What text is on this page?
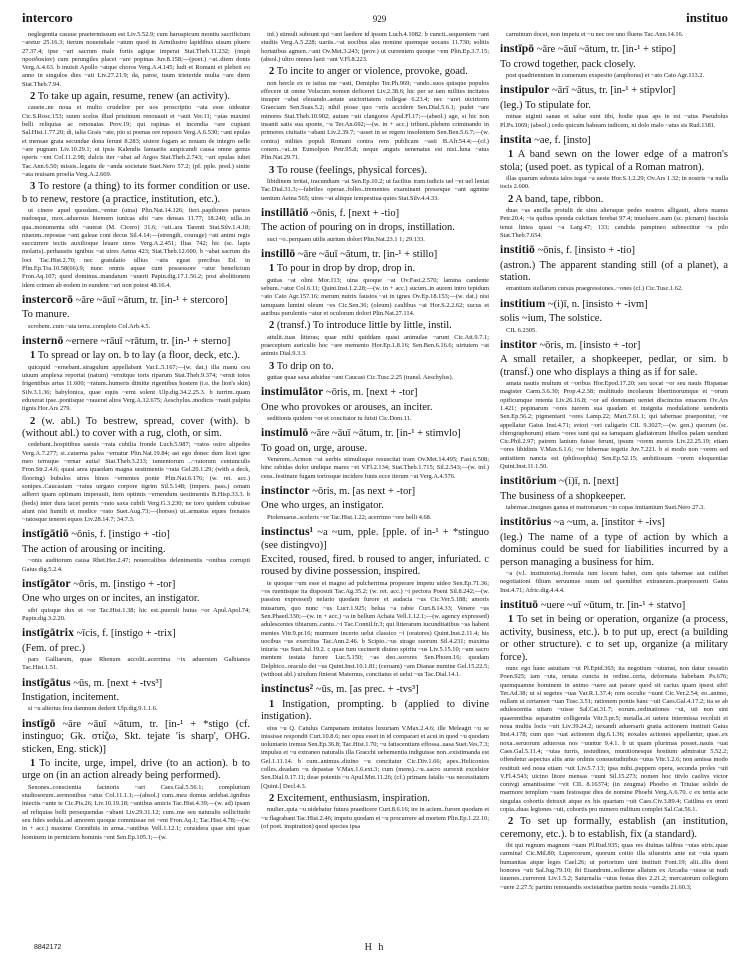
intercoro	929	instituo
neglegentia casuue praetermissum est Liv.5.52.9; cum haruspicum monitu sacrificium ~aretur 25.16.3; iterum nouendiale ~atum quod in Armilustro lapidibus uisum pluere 27.37.4; ipse ~ari sacrum male fortis agique imperat Stat.Theb.11.232; (παρὰ προσδοκίαν) cum perungiles placet ~are popinas Juv.8.158;—(poet.) ~at..diem donis Verg.A.4.63. b inuisit Apollo ~atque choros Verg.A.4.145; ludi et Romani et plebeii eo anno in singulos dies ~ati Liv.27.21.9; da, paroe, tuum trieteride multa ~are diem Stat.Theb.7.94.
2 To take up again, resume, renew (an activity).
cauete..ne noua et multo crudelior per uos proscriptio ~ata esse uideatur Cic.S.Rosc.153; suum scelus illud pristinum renouauit et ~auit Ver.11; ~atas maximi belli reliquias ac renouatas Prov.19; qui rapinas et incendia ~are cupiant Sal.Hist.1.77.20; di, talia Grais ~ate, pio si poenas ore reposco Verg.A.6.530; ~ant epulas et mensae grata secundae dona ferunt 8.283; sistere fugam ac nouam de integro uelle ~are pugnam Liv.10.29.1; ut ipsis Kalendis Ianuariis auspicandi causa omne genus operis ~ent Col.11.2.98; dulcis iter ~abat ad Argos Stat.Theb.2.743; ~ari epulas iubet Tac.Ann.6.50; missis..legatis de ~anda societate Suet.Nero 57.2; (pf. pple. pred.) sinite ~ata reuisam proelia Verg.A.2.669.
3 To restore (a thing) to its former condition or use. b to renew, restore (a practice, institution, etc.).
ut cinere apud quosdam..~entur (uina) Plin.Nat.14.126; fieri..papiliones paruos nudosque, mox..aduersus hiemem tunicas sibi ~are densas 11.77; 18.240; uilla..in qua..monumenta sibi ~auerat (M. Cicero) 31.6; ~ati..ara Tarenti Stat.Silv.1.4.18; niueum..repostae ~ant galeae coni decus Sil.4.14;—(strength, courage) ~ati animi regis succurrere tectis auxilioque leuare uiros Verg.A.2.451; Ilias 742; hic (sc. lapis molaris)..perhaustis ignibus ~at uires Aetna 423; Stat.Theb.12.600. b ~abat sacrum dis loci Tac.Hist.2.70; nec gratulatio ullius ~atis egeat precibus Ed. in Plin.Ep.Tra.10.58(66).9; nunc omnis aquae cum possessore ~atur beneficium Fron.Aq.107; quod dominus..mandatum ~auerit Papin.dig.17.1.56.2; post abolitionem idem crimen ab eodem in eundem ~ari non potest 48.16.4.
instercorō ~āre ~āuī ~ātum, tr. [in-¹ + stercoro]
To manure.
scrobem..cum ~ata terra..completo Col.Arb.4.5.
insternō ~ernere ~rāuī ~rātum, tr. [in-¹ + sterno]
1 To spread or lay on. b to lay (a floor, deck, etc.).
quicquid ~ernebant..stragulum appellabant Var.L.5.167;—(w. dat.) illa manu ceu uiuum amplexa reportat (natum) ~ernitque toris riparum Stat.Theb.9.374; ~ernit totos frigentibus artus 11.600; ~ratum..humeris dimitte rigentibus hostem (i.e. the lion's skin) Silv.3.1.36; babylonica, quae equis ~erni solent Ulp.dig.34.2.25.3. b turrim..quam eduxerat ipse..pontisque ~rauerat altos Verg.A.12.675; Aeschylus..modicis ~rauit pulpita tignis Hor.Ars 279.
2 (w. abl.) To bestrew, spread, cover (with). b (without abl.) to cover with a rug, cloth, or sim.
cedebant..hospitibus saeuis ~rata cubilia fronde Luch.5.987; ~ratos ostro alipedes Verg.A.7.277; si..cauerna palea ~ernatur Plin.Nat.19.84; ast ego donec dum licet igne meo terraque ~ernar auita! Stat.Theb.3.213; iumentorum ..~ratorum centunculis Fron.Str.2.4.6; quasi area quaedam magna uestimentis ~rata Gel.20.1.29; (with a deck, flooring) bubulos utres binos ~ernentes ponte Plin.Nat.6.176; (w. ret. acc.) sonipes..Caucasiam ~ratus uirgato corpore tigrim Sil.5.148; (impers. pass.) cenam adferri quam optimam imperauit, item optimis ~ernendum uestimentis B.Hisp.33.3. b (beds) inter dura iacet pernix ~rato saxa cubili Verg.G.3.230; ne toro quidem cubuisse aiunt nisi humili et modice ~rato Suet.Aug.73;—(horses) ut..armatus eques frenatos ~ratosque teneret equos Liv.28.14.7; 34.7.3.
instīgātiō ~ōnis, f. [instigo + -tio]
The action of arousing or inciting.
~onis auditorum causa Rhet.Her.2.47; nouercalibus delenimentis ~onibus corrupti Gaius dig.5.2.4.
instīgātor ~ōris, m. [instigo + -tor]
One who urges on or incites, an instigator.
sibi quisque dux et ~or Tac.Hist.1.38; hic est..pueruli huius ~or Apul.Apol.74; Papin.dig.3.2.20.
instīgātrix ~īcis, f. [instigo + -trix]
(Fem. of prec.)
pars Galliarum, quae Rhenum accolit..acerrima ~ix aduersum Galbianos Tac.Hist.1.51.
instīgātus ~ūs, m. [next + -tvs³]
Instigation, incitement.
si ~u alterius fera damnum dederit Ulp.dig.9.1.1.6.
instīgō ~āre ~āuī ~ātum, tr. [in-¹ + *stigo (cf. instinguo; Gk. στίζω, Skt. tejate 'is sharp', OHG. sticken, Eng. stick)]
1 To incite, urge, impel, drive (to an action). b to urge on (in an action already being performed).
Senones..conscientia facinoris ~ari Caes.Gal.5.56.1; complurium studiosorum..sermonibus ~atus Col.11.1.1;—(absol.) cum..mea domus ardebat..ignibus iniectis ~ante te Cic.Pis.26; Liv.10.19.18; ~antibus amicis Tac.Hist.4.39;—(w. ad) ipsam ad reliquias belli persequendas ~abant Liv.29.31.12; cum..me seu naturalis sollicitudo seu fides sedula..ad amorem quoque commissae rei ~ent Fron.Aq.1; Tac.Hist.4.78;—(w. in + acc.) maxime Corinthiis in arma..~antibus Vell.1.12.1; considera quae sint quae hominem in perniciem hominis ~ent Sen.Ep.105.1;—(w.
inf.) stimuli subsunt qui ~ant laedere id ipsum Luch.4.1082. b cuncti..sequentem ~ant studiis Verg.A.5.228; uariis..~at uocibus alas nomine quemque uocans 11.730; solitis hortatibus agmen..~ant Ov.Met.3.243; (prov.) ut currentem quoque ~em Plin.Ep.3.7.15; (absol.) ultro omnes laeti ~ant V.Fl.8.223.
2 To incite to anger or violence, provoke, goad.
non hercle ex re istius me ~asti, Demipho Ter.Ph.969; ~ando..suos quisque populos effecere ut omne Volscum nomen deficeret Liv.2.38.6; hic per se iam milites incitatos insuper ~abat eleuando..aetate auctoritatem collegae 6.23.4; nec ~aret uictricem Graeciam Sen.Suas.5.2; nihil posse quo ~eris accidere Sen.Dial.5.6.1; pudet ~are minores Stat.Theb.10.902; auium ~ati clangores Apul.Fl.17;—(absol.) age, si hic non insanit satis sua sponte, ~a Ter.An.692;—(w. in + acc.) tribuni..plebem criminando in primores ciuitatis ~abant Liv.2.39.7; ~asset in se regem insolentem Sen.Ben.5.6.7;—(w. contra) milites populi Romani contra rem publicam ~asti B.Afr.54.4;—(cf.) conem..~at..in Eumolpon Petr.95.8; neque anguis uenenatus est nisi..luna ~atus Plin.Nat.29.71.
3 To rouse (feelings, physical forces).
libidinem irritat, iracundiam ~at Sen.Ep.10.2; ut facilius iram iudicis uel ~et uel leniat Tac.Dial.31.3;—fabriles operae..folles..trementes examinant pressoque ~ant agmine uentum Aetna 565; uires ~at alitque tempestiua quies Stat.Silv.4.4.33.
instillātiō ~ōnis, f. [next + -tio]
The action of pouring on in drops, instillation.
suci ~o..perquam utilis aurium dolori Plin.Nat.23.1 1; 29.133.
instillō ~āre ~āuī ~ātum, tr. [in-¹ + stillo]
1 To pour in drop by drop, drop in.
guttas ~at olini Mor.113; uina quoque ~at Ov.Fast.2.570; lamina candente sebum..~atur Col.6.11; Quint.Inst.1.2.28;—(w. in + acc.) sucum..in aurem intro tepidum ~ato Cato Agr.157.16; merum nutrix faustos ~at in ignes Ov.Ep.18.153;—(w. dat.) nisi tamquam lumini oleum ~es Cic.Sen.36; (oleum) caulibus ~at Hor.S.2.2.62; sucus et auribus purulentis ~atur et oculorum dolori Plin.Nat.27.114.
2 (transf.) To introduce little by little, instil.
attulit..tuas litteras; quae mihi quiddam quasi animulae ~arunt Cic.Att.9.7.1; praeceptum auriculis hoc ~are memento Hor.Ep.1.8.16; Sen.Ben.6.16.6; uirtutem ~at animis Dial.9.3.3.
3 To drip on to.
guttae quae saxa adsidue ~ant Caucasi Cic.Tusc.2.25 (transl. Aeschylus).
instimulātor ~ōris, m. [next + -tor]
One who provokes or arouses, an inciter.
seditionis quidem ~or et concitator tu fuisti Cic.Dom.11.
instimulō ~āre ~āuī ~ātum, tr. [in-¹ + stimvlo]
To goad on, urge, arouse.
Venerem..Acmon ~at uerbis stimulisque resuscitat iram Ov.Met.14.495; Fast.6.508; hinc rabidas dolor undique mares ~et V.Fl.2.134; Stat.Theb.1.715; Sil.2.543;—(w. inf.) ceus..festinare fugam tortosque incidere funis ecce iterum ~at Verg.A.4.576.
instinctor ~ōris, m. [as next + -tor]
One who urges, an instigator.
Ptolemaeus..sceleris ~or Tac.Hist.1.22; acerrimo ~ore belli 4.68.
instinctus¹ ~a ~um, pple. [pple. of in-¹ + *stinguo (see distingvo)]
Excited, roused, fired. b roused to anger, infuriated. c roused by divine possession, inspired.
te quoque ~um esse et magno ad pulcherrima properare impetu uideo Sen.Ep.71.36; ~os ruentisque ita disposuit Tac.Ag.35.2; (w. ret. acc.) ~i pectora Poeni Sil.8.242;—(w. passion expressed) nefario quodam furore et audacia ~us Cic.Ver.5.188; amoris musarum, quo nunc ~us Lucr.1.925; belua ~a rabie Curt.8.14.33; Venere ~us Sen.Phaed.330;—(w. in + acc.) ~a in bellum Achaia Vell.1.12.1;—(w. agency expressed) adulescentes tibiarum..cantu..~i Tac.Connil.fr.3; qui litterarum iucunditatibus ~as habent mentes Vitr.9.pr.16; murmure incerto uelut classico ~i (oratores) Quint.Inst.2.11.4; his uocibus ~us exercitus Tac.Ann.2.46. b Scipio..~us strage suorum Sil.4.231; maxima iniuria ~us Suet.Jul.19.2. c quae tum cecinerit diuino spiritu ~us Liv.5.15.10; ~am sacro mentem testata furore Luc.5.150; ~as deo..sorores Sen.Phoen.16; quodam Delphico..oraculo dei ~us Quint.Inst.10.1.81; (ceruam) ~am Dianae numine Gel.15.22.5; (without abl.) uixdum finierat Maternus, concitatus et uelut ~us Tac.Dial.14.1.
instinctus² ~ūs, m. [as prec. + -tvs³]
1 Instigation, prompting. b (applied to divine instigation).
eius ~u Q. Catulus Campanam imitatus luxuriam V.Max.2.4.6; ille Meleagri ~u se inississe respondit Curt.10.8.6; nec opus esset in id comparari et acui in quod ~u quodam uoluntario iremus Sen.Ep.36.8; Tac.Hist.1.70; ~u fatiscentium effossa..uasa Suet.Ves.7.3; impulsu et ~u extraneo naturalis illa Gracchi uehementia indiguisse non..existimanda est Gel.1.11.14. b cum..animus..diuino ~u concitatur Cic.Div.1.66; apes..Heliconios colles..deadam ~u depastae V.Max.1.6.ext.3; cum (mens)..~u..sacro surrexit excelsior Sen.Dial.9.17.11; deae potentis ~u Apul.Met.11.26; (cf.) primam fatalis ~us necessitatem [Quint.] Decl.4.3.
2 Excitement, enthusiasm, inspiration.
mulier..quia ~u uidebatur futura praedicere Curt.8.6.16; ire in aciem..furore quodam et ~u flagrabant Tac.Hist.2.46; impetu quodam et ~u procurrere ad mortem Plin.Ep.1.22.10; (of poet. inspiration) quod species ipsa
carminum docet, non impetu et ~u nec ore uno fluens Tac.Ann.14.16.
instīpō ~āre ~āuī ~ātum, tr. [in-¹ + stipo]
To crowd together, pack closely.
post quadriennium in cumenum exspesito (amphoras) et ~ato Cato Agr.113.2.
instipulor ~ārī ~ātus, tr. [in-¹ + stipvlor]
(leg.) To stipulate for.
minae uiginti sanae et salue sunt tibi, hodie quas aps te est ~atus Pseudolus Pl.Ps.1069; (absol.) cedo quicum habeam iudicem, ni dolo malo ~atus sis Rud.1381.
instita ~ae, f. [insto]
1 A band sewn on the lower edge of a matron's stola; (used poet. as typical of a Roman matron).
illas quarum subsuta talos tegat ~a ueste Hor.S.1.2.29; Ov.Ars 1.32; in nostris ~a nulla iocis 2.600.
2 A band, tape, ribbon.
duas ~as ancilla protulit de sinu alteraque pedes nostros alligauit, altera manus Petr.20.4; ~is quibus sponda culcitam ferebat 97.4; inuoluere..eam (sc. picnam) fasciola tenui lintea quasi ~a Larg.47; 133; candida pampineo subnectitur ~a pilo Stat.Theb.7.654.
institiō ~ōnis, f. [insisto + -tio]
(astron.) The apparent standing still (of a planet), a station.
errantium stellarum cursus praegressiones..~ones (cf.) Cic.Tusc.1.62.
institium ~(i)ī, n. [insisto + -ivm]
solis ~ium, The solstice.
CIL 6.2305.
institor ~ōris, m. [insisto + -tor]
A small retailer, a shopkeeper, pedlar, or sim. b (transf.) one who displays a thing as if for sale.
amata nautis multum et ~oribus Hor.Epod.17.20; seu uocat ~or seu nauis Hispanae magister Carm.3.6.30; Prop.4.2.38; multitudo incolarum libertinorumque et ~orum opificumque retenta Liv.26.16.8; ~or ad dominam ueniet discinctus emacem Ov.Ars 1.421; popinarum ~ores tuerem sua quadam et insignita modulatione uendentis Sen.Ep.56.2; pigmentarii ~ores Lamp.22; Mart.7.61.1; qui tabernae praeponitur, ~or appellatur Gaius Inst.4.71; svtori ~ori caligario CIL 9.3027;—(w. gen.) quorum (sc. chirographorum) etiam ~ores sunt qui ea tamquam gladiatorum libellos palam uendunt Cic.Phil.2.97; patrem lanium fuisse ferunt, ipsum ~orem mercis Liv.22.25.19; etiam ~ores libidinis V.Max.6.1.6; ~or hibernae tegetis Juv.7.221. b si modo non ~orem sed antistitem nancta est (philosophia) Sen.Ep.52.15; ambitiosum ~orem eloquentiae Quint.Inst.11.1.50.
institōrium ~(i)ī, n. [next]
The business of a shopkeeper.
tabernae..insignes ganea et matronarum ~io copas imitantium Suet.Nero 27.3.
institōrius ~a ~um, a. [institor + -ivs]
(leg.) The name of a type of action by which a dominus could be sued for liabilities incurred by a person managing a business for him.
~a (v.l. institutoria)..formula tum locum habet, cum quis tabernae aut cuilibet negotiationi filium seruumue suum uel quemlibet extraneum..praeposuerit Gaius Inst.4.71; Afric.dig.4.4.4.
instituō ~uere ~uī ~ūtum, tr. [in-¹ + statvo]
1 To set in being or operation, organize (a process, activity, business, etc.). b to put up, erect (a building or other structure). c to set up, organize (a military force).
nunc ego hanc astutiam ~ui Pl.Epid.363; ita negotium ~utumst, non datur cessatio Poen.925; iam ~uta, ornata cuncta in ordine..certa, deformata habebam Ps.676; quemquamne hominem in animo ~uere aut parare quod sit carius quam ipsest sibi! Ter.Ad.38; ut si segetes ~uas Var.R.1.37.4; rem occulte ~uunt Cic.Ver.2.54; eo..animo, nullam ut certamen ~uan Tusc.3.51; rationem pontis hanc ~uit Caes.Gal.4.17.2; ita se ab adulescentia uitam ~uisse Sal.Cat.31.7; eorum..ordinationes ~ui, uti non sint quaerentibus separatim colligenda Vitr.5.pr.5; metalla..et uetera intermissa recoluit et noua multis locis ~uit Liv.39.24.2; uexandi aduersarii gratia actionem instituit Gaius Inst.4.178; cum quo ~uat actionem dig.6.1.36; noxales actiones appellantur, quae..ex noxa..seruorum aduersus nos ~uuntur 9.4.1. b ut quam plurimas posset..nauis ~uat Caes.Gal.5.11.4; ~utas turris, testudines, munitionesque hostium admiratur 5.52.2; offendetur aspectus aliis ante ordinis consuetudinibus ~utus Vitr.1.2.6; non amissa modo restituit sed noua etiam ~uit Liv.5.7.13; ipsa mihi..puppem opera, secunda proles ~uit V.Fl.4.543; uicino litore mensas ~uunt Sil.15.273; nomen hoc titvlo caelivs victor conivgi amantissime ~vit CIL 8.16374; (in zeugma) Phoebo et Triuiae solido de marmore templum ~uam festosque dies de nomine Phoebi Verg.A.6.70. c ex tertia acie singulas cohortis detraxit atque ex his quartam ~uit Caes.Civ.3.89.4; Catilina ex omni copia..duas legiones ~uit, cohortis pro numero militum complet Sal.Cat.56.1.
2 To set up formally, establish (an institution, ceremony, etc.). b to establish, fix (a standard).
ibi qui regnum magnum ~uam Pl.Rud.935; quas res diuinas talibus ~utas uiris..quae carmina! Cic.Mil.80; Lupercorum, quorum coitio illa siluestris ante est ~uta quam humanitas atque leges Cael.26; ut portorium uini instituit Font.19; alii..illis domi honores ~uti Sal.Jug.79.10; ibi Euandrum..sollenne allatum ex Arcadia ~uisse ut nudi iuuenes..currerent Liv.1.5.2; Saturnalia ~utus festas dies 2.21.2; mercatorum collegium ~uere 2.27.5; partim renouandis societatibus partim nouis ~uendis 21.60.3;
8842172	H h
